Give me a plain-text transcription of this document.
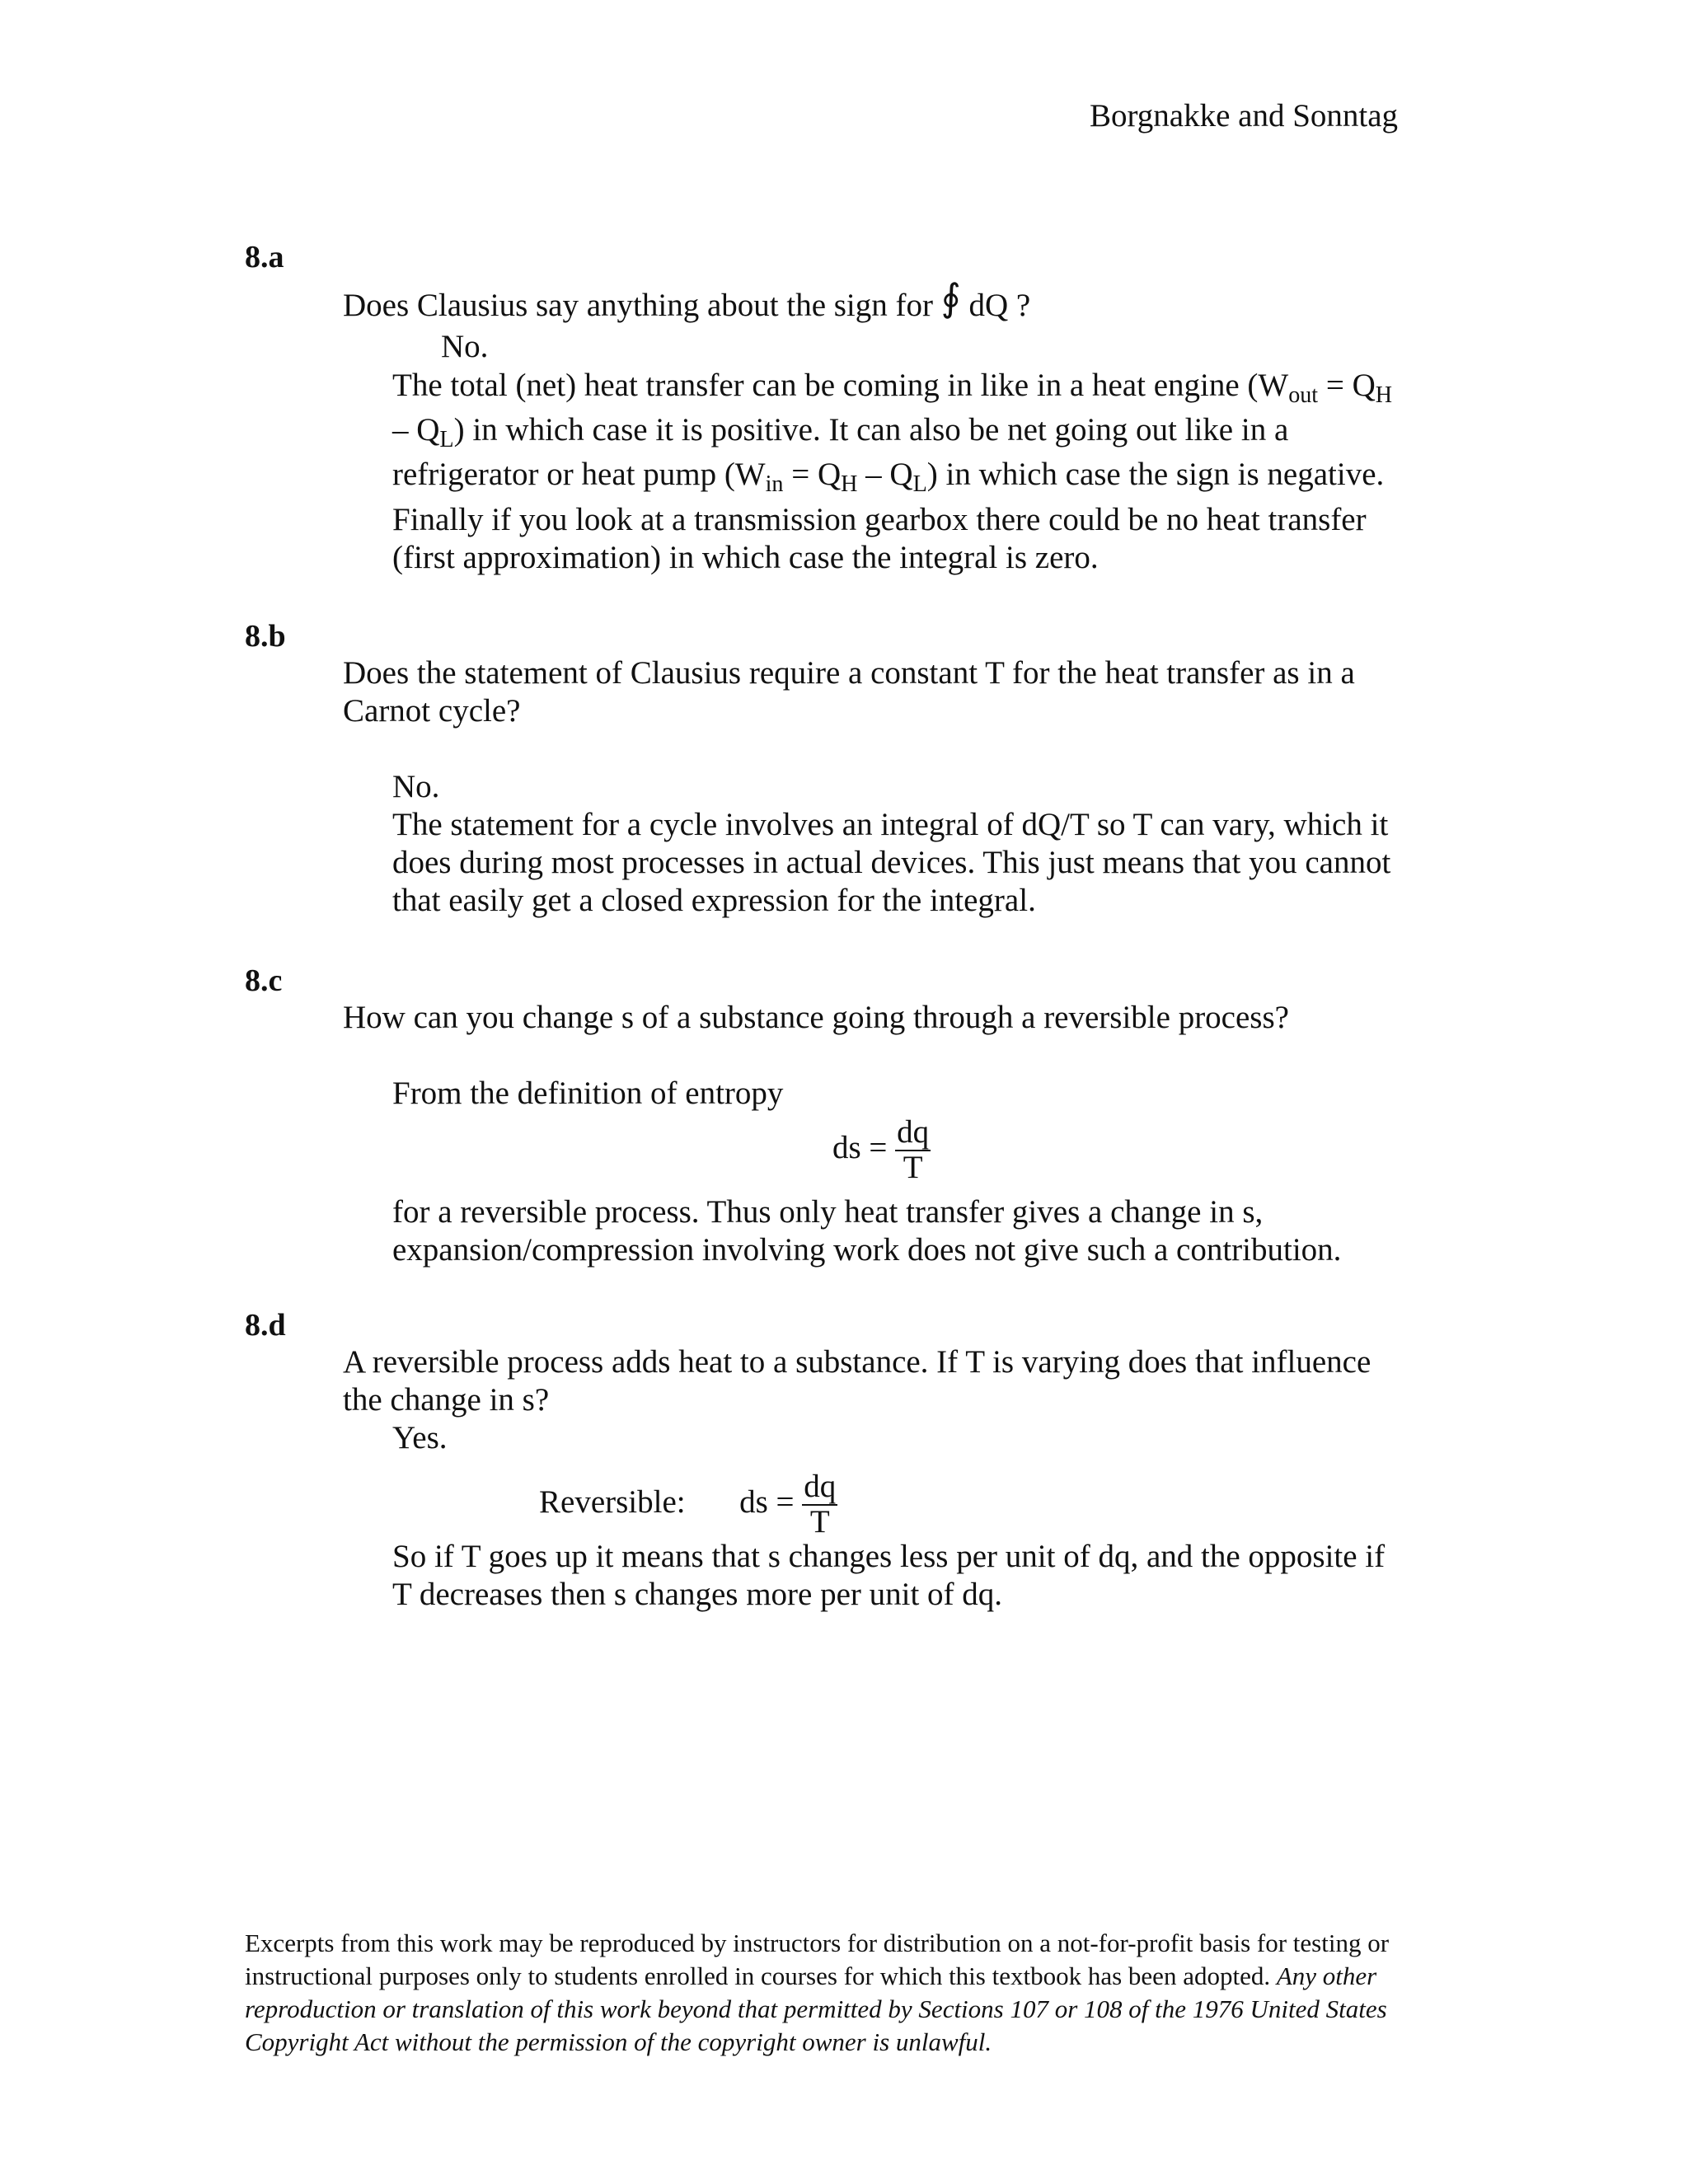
Borgnakke and Sonntag
8.a
Does Clausius say anything about the sign for ∮ dQ ?
No.
The total (net) heat transfer can be coming in like in a heat engine ($W_{out} = Q_H$
– $Q_L$) in which case it is positive. It can also be net going out like in a
refrigerator or heat pump $(W_{in} = Q_H - Q_L)$ in which case the sign is negative.
Finally if you look at a transmission gearbox there could be no heat transfer
(first approximation) in which case the integral is zero.
8.b
Does the statement of Clausius require a constant T for the heat transfer as in a
Carnot cycle?
No.
The statement for a cycle involves an integral of dQ/T so T can vary, which it
does during most processes in actual devices. This just means that you cannot
that easily get a closed expression for the integral.
8.c
How can you change s of a substance going through a reversible process?
From the definition of entropy
ds = $\frac{dq}{T}$
for a reversible process. Thus only heat transfer gives a change in s,
expansion/compression involving work does not give such a contribution.
8.d
A reversible process adds heat to a substance. If T is varying does that influence
the change in s?
Yes.
Reversible: ds = $\frac{dq}{T}$
So if T goes up it means that s changes less per unit of dq, and the opposite if
T decreases then s changes more per unit of dq.
Excerpts from this work may be reproduced by instructors for distribution on a not-for-profit basis for testing or instructional purposes only to students enrolled in courses for which this textbook has been adopted. Any other reproduction or translation of this work beyond that permitted by Sections 107 or 108 of the 1976 United States Copyright Act without the permission of the copyright owner is unlawful.
